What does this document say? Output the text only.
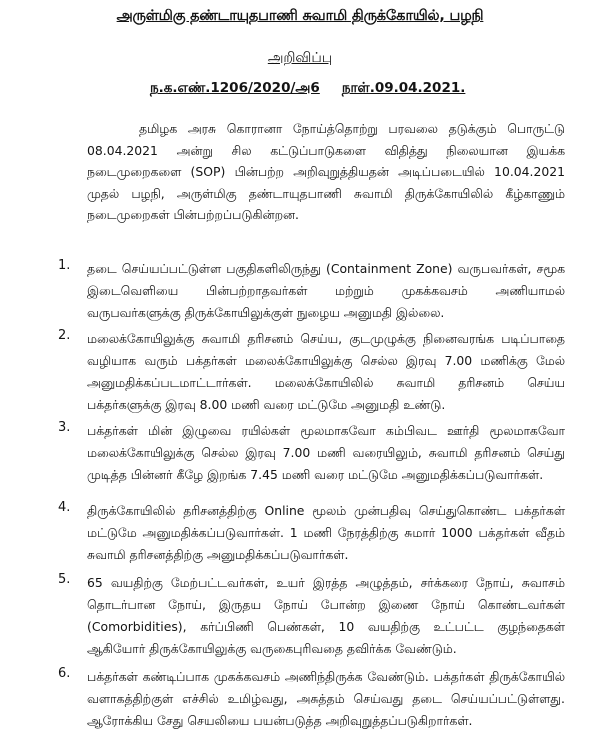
அருள்மிகு தண்டாயுதபாணி சுவாமி திருக்கோயில், பழநி
அறிவிப்பு
ந.க.எண்.1206/2020/அ6 நாள்.09.04.2021.

தமிழக அரசு கொரானா நோய்த்தொற்று பரவலை தடுக்கும் பொருட்டு 08.04.2021 அன்று சில கட்டுப்பாடுகளை விதித்து நிலையான இயக்க நடைமுறைகளை (SOP) பின்பற்ற அறிவுறுத்தியதன் அடிப்படையில் 10.04.2021 முதல் பழநி, அருள்மிகு தண்டாயுதபாணி சுவாமி திருக்கோயிலில் கீழ்காணும் நடைமுறைகள் பின்பற்றப்படுகின்றன.

1. தடை செய்யப்பட்டுள்ள பகுதிகளிலிருந்து (Containment Zone) வருபவர்கள், சமூக இடைவெளியை பின்பற்றாதவர்கள் மற்றும் முகக்கவசம் அணியாமல் வருபவர்களுக்கு திருக்கோயிலுக்குள் நுழைய அனுமதி இல்லை.

2. மலைக்கோயிலுக்கு சுவாமி தரிசனம் செய்ய, குடமுழுக்கு நினைவரங்க படிப்பாதை வழியாக வரும் பக்தர்கள் மலைக்கோயிலுக்கு செல்ல இரவு 7.00 மணிக்கு மேல் அனுமதிக்கப்படமாட்டார்கள். மலைக்கோயிலில் சுவாமி தரிசனம் செய்ய பக்தர்களுக்கு இரவு 8.00 மணி வரை மட்டுமே அனுமதி உண்டு.

3. பக்தர்கள் மின் இழுவை ரயில்கள் மூலமாகவோ கம்பிவட ஊர்தி மூலமாகவோ மலைக்கோயிலுக்கு செல்ல இரவு 7.00 மணி வரையிலும், சுவாமி தரிசனம் செய்து முடித்த பின்னர் கீழே இறங்க 7.45 மணி வரை மட்டுமே அனுமதிக்கப்படுவார்கள்.

4. திருக்கோயிலில் தரிசனத்திற்கு Online மூலம் முன்பதிவு செய்துகொண்ட பக்தர்கள் மட்டுமே அனுமதிக்கப்படுவார்கள். 1 மணி நேரத்திற்கு சுமார் 1000 பக்தர்கள் வீதம் சுவாமி தரிசனத்திற்கு அனுமதிக்கப்படுவார்கள்.

5. 65 வயதிற்கு மேற்பட்டவர்கள், உயர் இரத்த அழுத்தம், சர்க்கரை நோய், சுவாசம் தொடர்பான நோய், இருதய நோய் போன்ற இணை நோய் கொண்டவர்கள் (Comorbidities), கர்ப்பிணி பெண்கள், 10 வயதிற்கு உட்பட்ட குழந்தைகள் ஆகியோர் திருக்கோயிலுக்கு வருகைபுரிவதை தவிர்க்க வேண்டும்.

6. பக்தர்கள் கண்டிப்பாக முகக்கவசம் அணிந்திருக்க வேண்டும். பக்தர்கள் திருக்கோயில் வளாகத்திற்குள் எச்சில் உமிழ்வது, அசுத்தம் செய்வது தடை செய்யப்பட்டுள்ளது. ஆரோக்கிய சேது செயலியை பயன்படுத்த அறிவுறுத்தப்படுகிறார்கள்.
